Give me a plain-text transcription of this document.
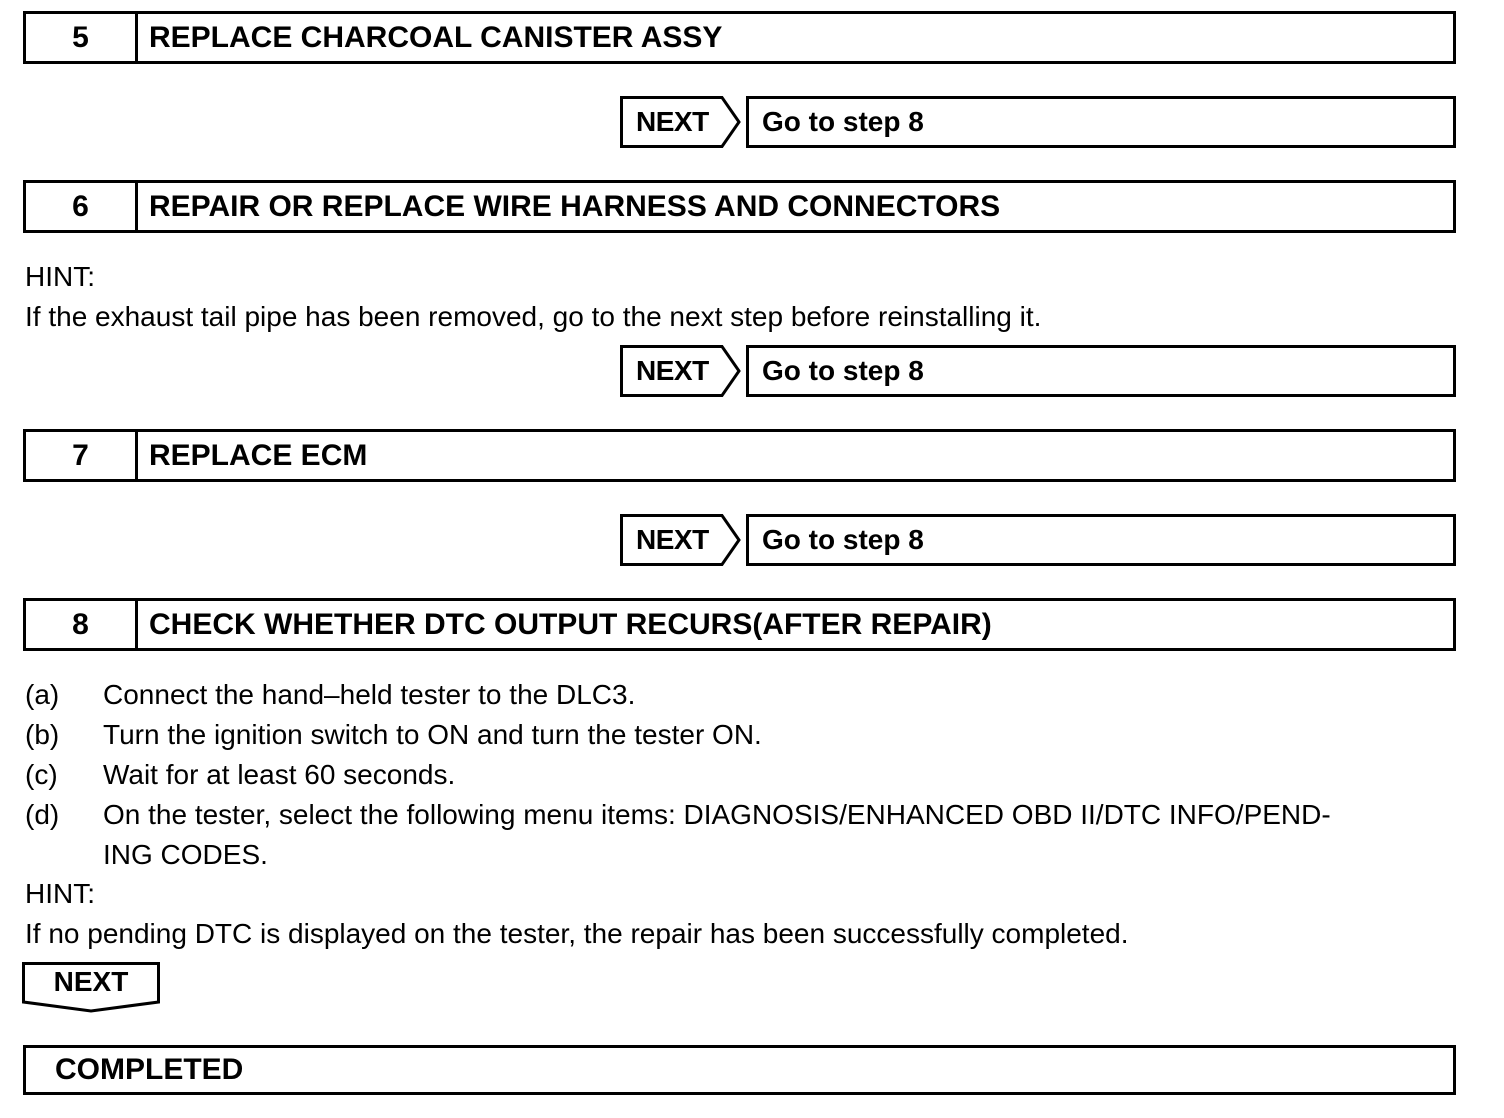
5	REPLACE CHARCOAL CANISTER ASSY
NEXT	Go to step 8
6	REPAIR OR REPLACE WIRE HARNESS AND CONNECTORS
HINT:
If the exhaust tail pipe has been removed, go to the next step before reinstalling it.
NEXT	Go to step 8
7	REPLACE ECM
NEXT	Go to step 8
8	CHECK WHETHER DTC OUTPUT RECURS(AFTER REPAIR)
(a) Connect the hand–held tester to the DLC3.
(b) Turn the ignition switch to ON and turn the tester ON.
(c) Wait for at least 60 seconds.
(d) On the tester, select the following menu items: DIAGNOSIS/ENHANCED OBD II/DTC INFO/PEND-
ING CODES.
HINT:
If no pending DTC is displayed on the tester, the repair has been successfully completed.
NEXT
COMPLETED
